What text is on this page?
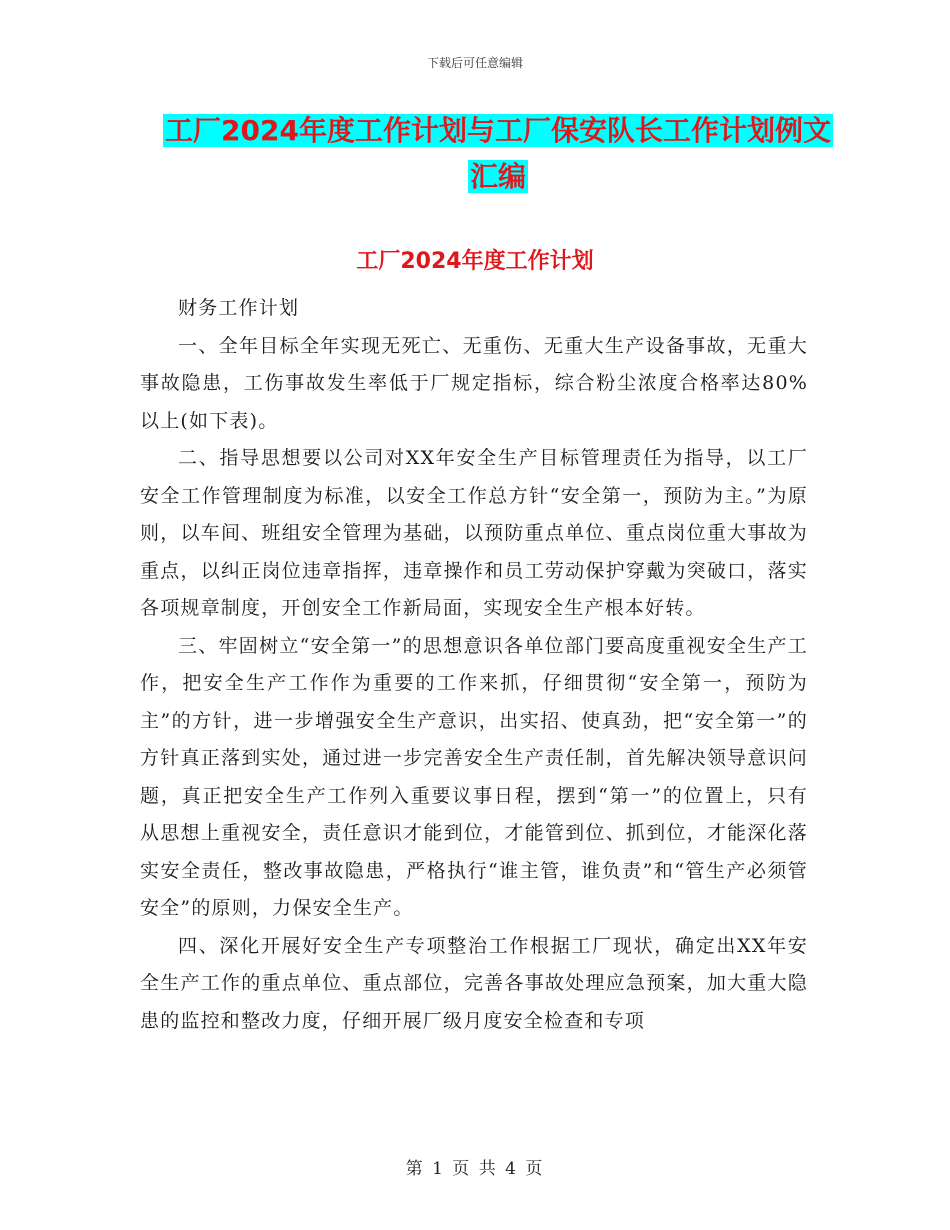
下载后可任意编辑
工厂2024年度工作计划与工厂保安队长工作计划例文
汇编
工厂2024年度工作计划

财务工作计划

一、全年目标全年实现无死亡、无重伤、无重大生产设备事故，无重大事故隐患，工伤事故发生率低于厂规定指标，综合粉尘浓度合格率达80%以上(如下表)。

二、指导思想要以公司对XX年安全生产目标管理责任为指导，以工厂安全工作管理制度为标准，以安全工作总方针“安全第一，预防为主。”为原则，以车间、班组安全管理为基础，以预防重点单位、重点岗位重大事故为重点，以纠正岗位违章指挥，违章操作和员工劳动保护穿戴为突破口，落实各项规章制度，开创安全工作新局面，实现安全生产根本好转。

三、牢固树立“安全第一”的思想意识各单位部门要高度重视安全生产工作，把安全生产工作作为重要的工作来抓，仔细贯彻“安全第一，预防为主”的方针，进一步增强安全生产意识，出实招、使真劲，把“安全第一”的方针真正落到实处，通过进一步完善安全生产责任制，首先解决领导意识问题，真正把安全生产工作列入重要议事日程，摆到“第一”的位置上，只有从思想上重视安全，责任意识才能到位，才能管到位、抓到位，才能深化落实安全责任，整改事故隐患，严格执行“谁主管，谁负责”和“管生产必须管安全”的原则，力保安全生产。

四、深化开展好安全生产专项整治工作根据工厂现状，确定出XX年安全生产工作的重点单位、重点部位，完善各事故处理应急预案，加大重大隐患的监控和整改力度，仔细开展厂级月度安全检查和专项

第 1 页 共 4 页
